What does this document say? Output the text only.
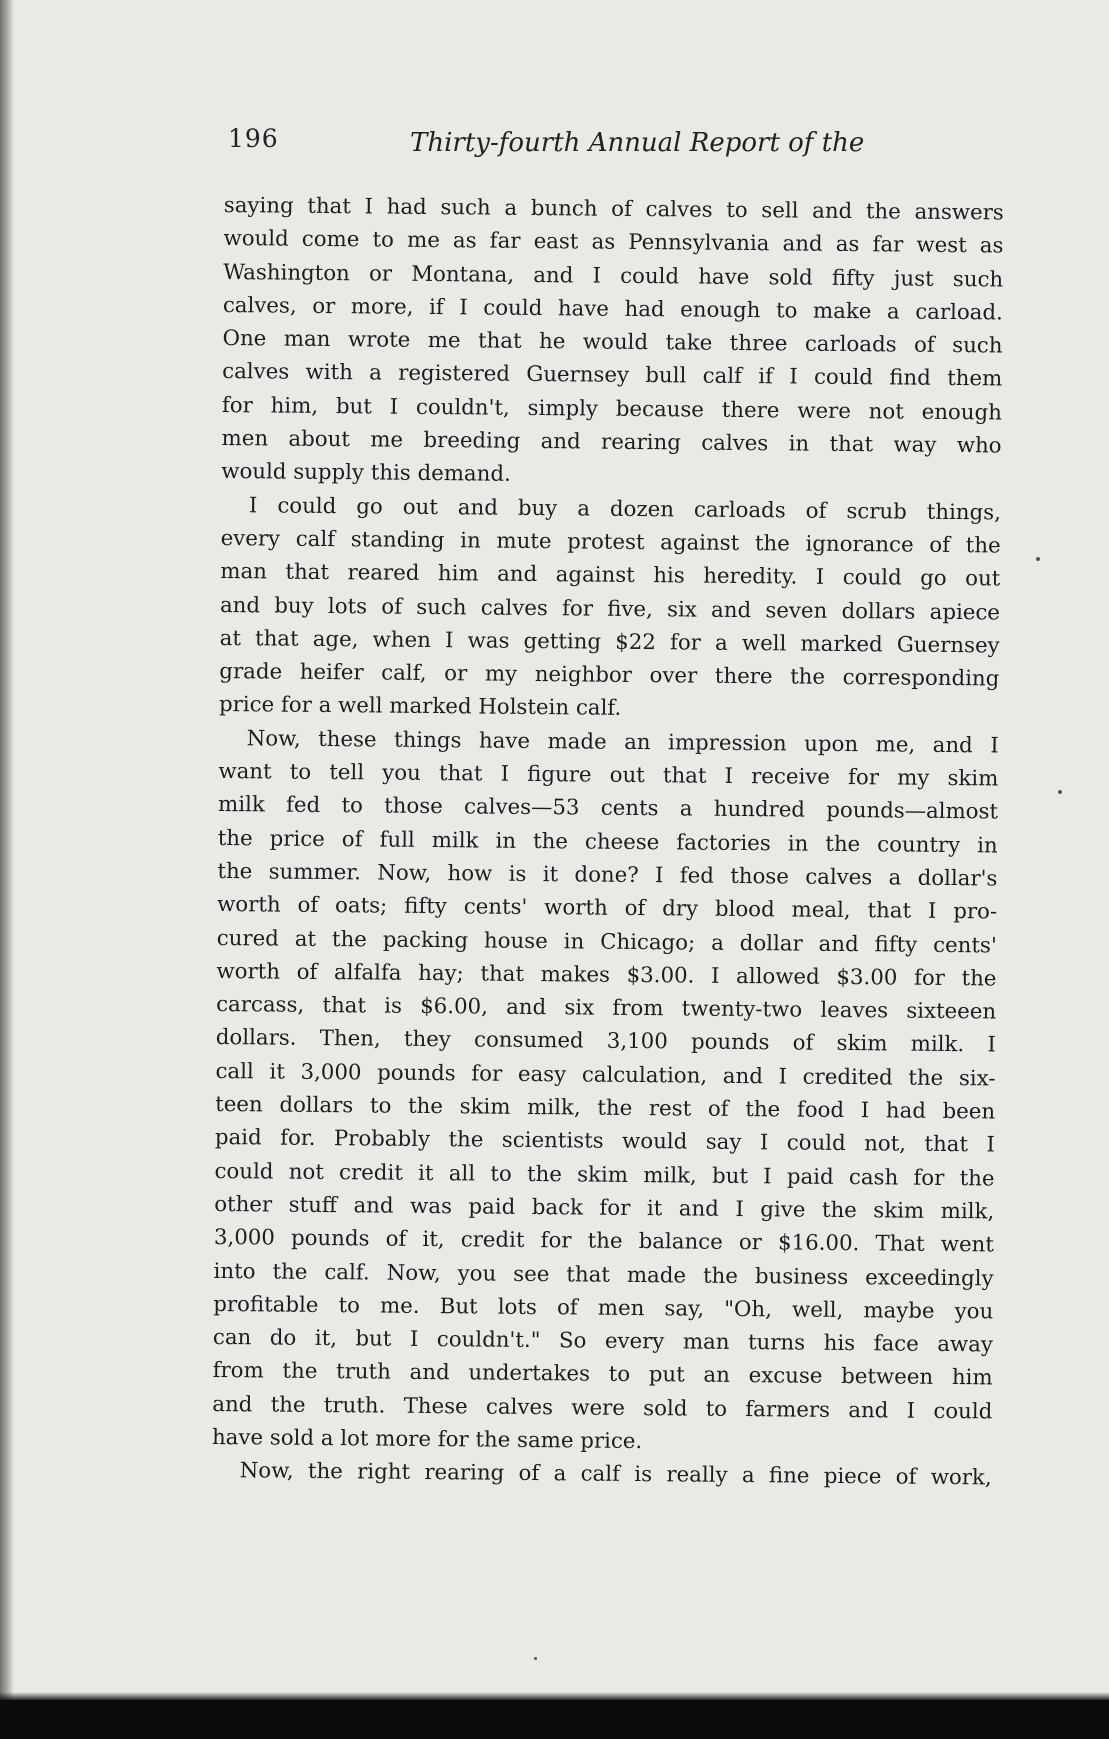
196	Thirty-fourth Annual Report of the
saying that I had such a bunch of calves to sell and the answers
would come to me as far east as Pennsylvania and as far west as
Washington or Montana, and I could have sold fifty just such
calves, or more, if I could have had enough to make a carload.
One man wrote me that he would take three carloads of such
calves with a registered Guernsey bull calf if I could find them
for him, but I couldn't, simply because there were not enough
men about me breeding and rearing calves in that way who
would supply this demand.
I could go out and buy a dozen carloads of scrub things,
every calf standing in mute protest against the ignorance of the
man that reared him and against his heredity. I could go out
and buy lots of such calves for five, six and seven dollars apiece
at that age, when I was getting $22 for a well marked Guernsey
grade heifer calf, or my neighbor over there the corresponding
price for a well marked Holstein calf.
Now, these things have made an impression upon me, and I
want to tell you that I figure out that I receive for my skim
milk fed to those calves—53 cents a hundred pounds—almost
the price of full milk in the cheese factories in the country in
the summer. Now, how is it done? I fed those calves a dollar's
worth of oats; fifty cents' worth of dry blood meal, that I pro-
cured at the packing house in Chicago; a dollar and fifty cents'
worth of alfalfa hay; that makes $3.00. I allowed $3.00 for the
carcass, that is $6.00, and six from twenty-two leaves sixteeen
dollars. Then, they consumed 3,100 pounds of skim milk. I
call it 3,000 pounds for easy calculation, and I credited the six-
teen dollars to the skim milk, the rest of the food I had been
paid for. Probably the scientists would say I could not, that I
could not credit it all to the skim milk, but I paid cash for the
other stuff and was paid back for it and I give the skim milk,
3,000 pounds of it, credit for the balance or $16.00. That went
into the calf. Now, you see that made the business exceedingly
profitable to me. But lots of men say, "Oh, well, maybe you
can do it, but I couldn't." So every man turns his face away
from the truth and undertakes to put an excuse between him
and the truth. These calves were sold to farmers and I could
have sold a lot more for the same price.
Now, the right rearing of a calf is really a fine piece of work,
